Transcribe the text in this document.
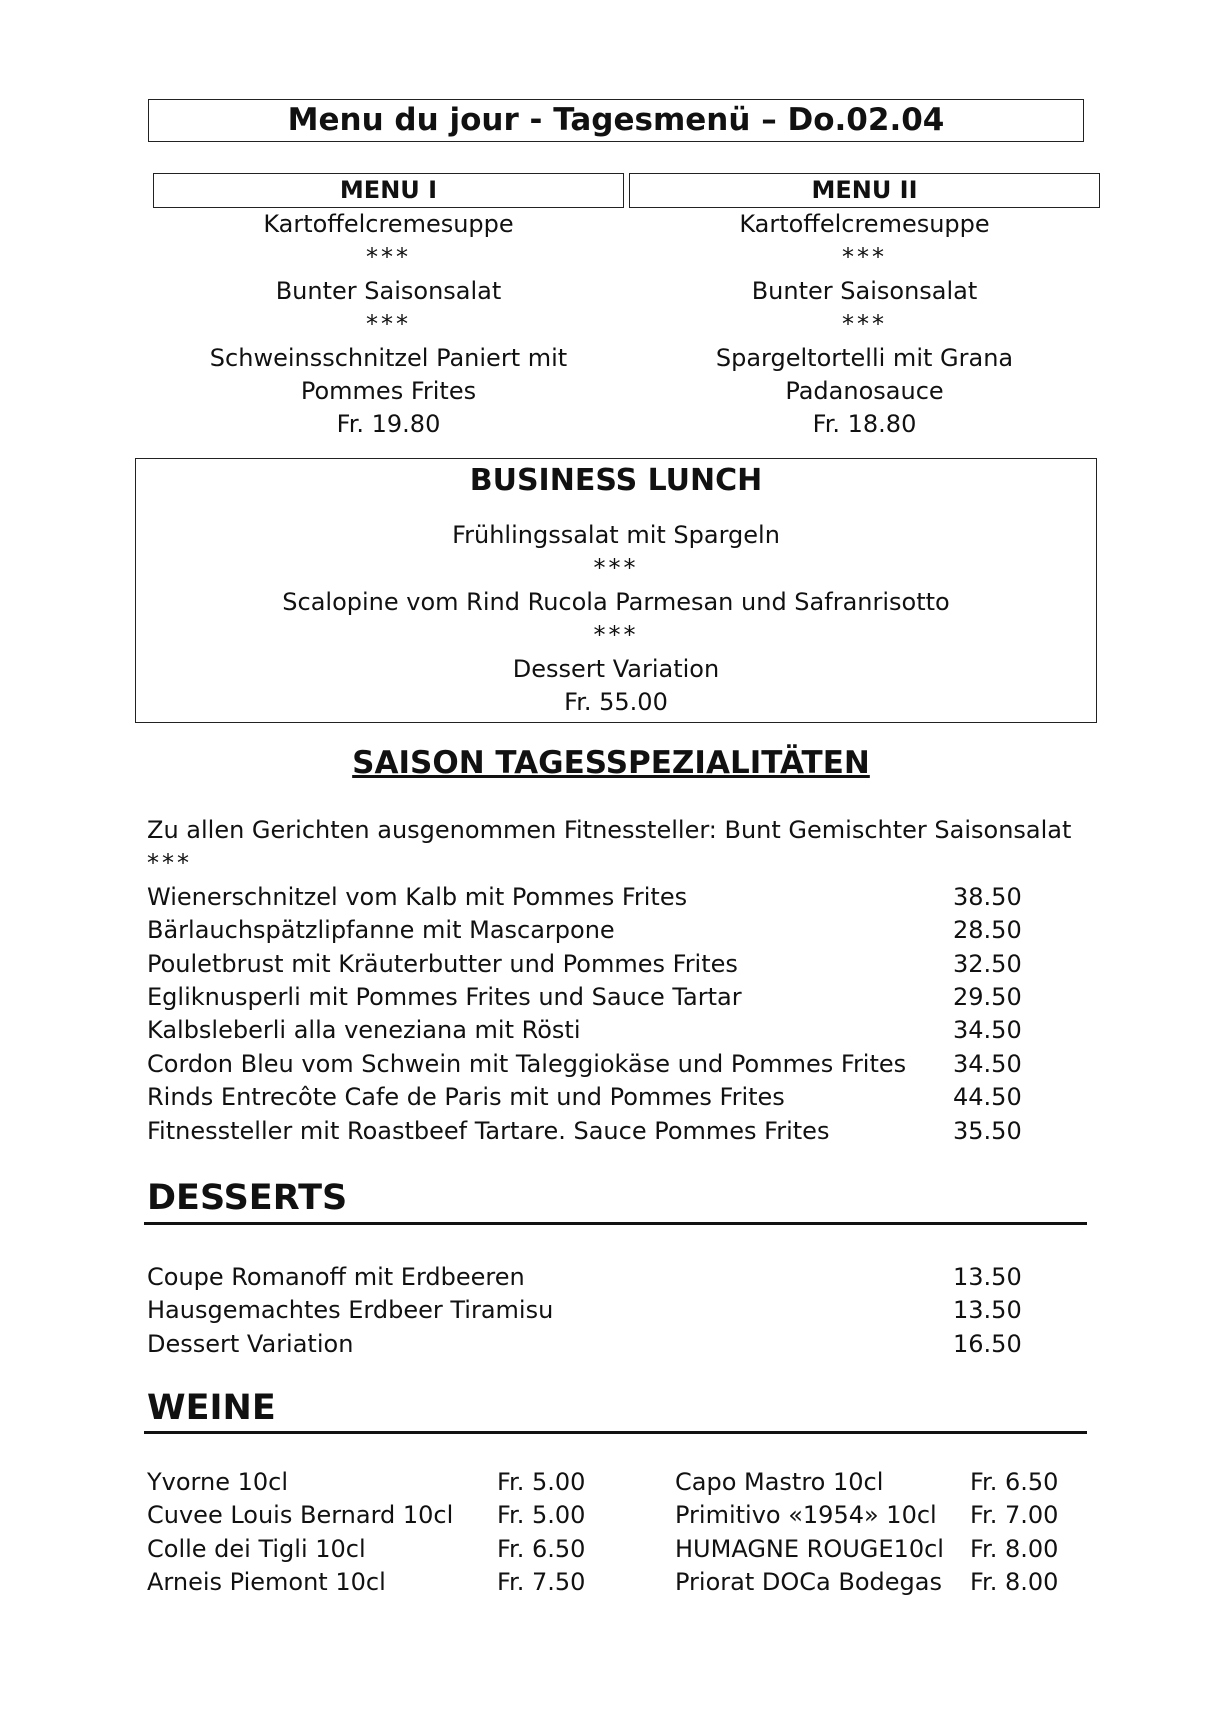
Menu du jour - Tagesmenü – Do.02.04
MENU I
Kartoffelcremesuppe
***
Bunter Saisonsalat
***
Schweinsschnitzel Paniert mit
Pommes Frites
Fr. 19.80
MENU II
Kartoffelcremesuppe
***
Bunter Saisonsalat
***
Spargeltortelli mit Grana
Padanosauce
Fr. 18.80
BUSINESS LUNCH
Frühlingssalat mit Spargeln
***
Scalopine vom Rind Rucola Parmesan und Safranrisotto
***
Dessert Variation
Fr. 55.00
SAISON TAGESSPEZIALITÄTEN
Zu allen Gerichten ausgenommen Fitnessteller: Bunt Gemischter Saisonsalat
***
Wienerschnitzel vom Kalb mit Pommes Frites	38.50
Bärlauchspätzlipfanne mit Mascarpone	28.50
Pouletbrust mit Kräuterbutter und Pommes Frites	32.50
Egliknusperli mit Pommes Frites und Sauce Tartar	29.50
Kalbsleberli alla veneziana mit Rösti	34.50
Cordon Bleu vom Schwein mit Taleggiokäse und Pommes Frites 34.50
Rinds Entrecôte Cafe de Paris mit und Pommes Frites	44.50
Fitnessteller mit Roastbeef Tartare. Sauce Pommes Frites	35.50
DESSERTS
Coupe Romanoff mit Erdbeeren	13.50
Hausgemachtes Erdbeer Tiramisu	13.50
Dessert Variation	16.50
WEINE
Yvorne 10cl	Fr. 5.00
Cuvee Louis Bernard 10cl Fr. 5.00
Colle dei Tigli 10cl	Fr. 6.50
Arneis Piemont 10cl	Fr. 7.50
Capo Mastro 10cl	Fr. 6.50
Primitivo «1954» 10cl Fr. 7.00
HUMAGNE ROUGE10cl Fr. 8.00
Priorat DOCa Bodegas Fr. 8.00
